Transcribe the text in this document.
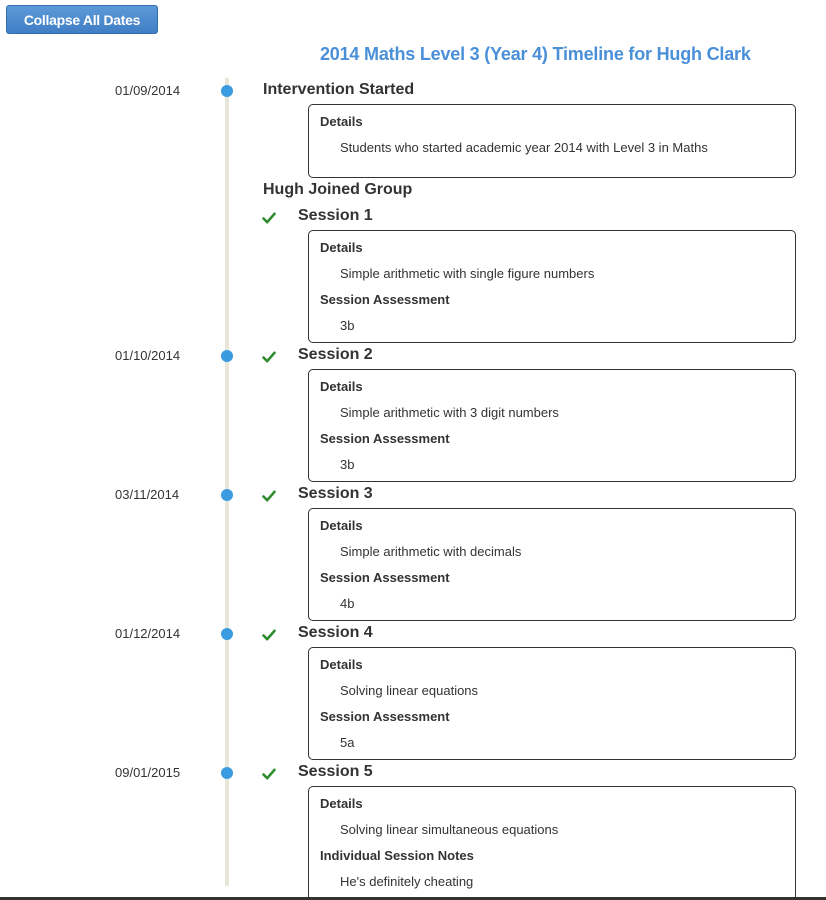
Collapse All Dates
2014 Maths Level 3 (Year 4) Timeline for Hugh Clark
01/09/2014	Intervention Started
Details
Students who started academic year 2014 with Level 3 in Maths
Hugh Joined Group
Session 1
Details
Simple arithmetic with single figure numbers
Session Assessment
3b
01/10/2014	Session 2
Details
Simple arithmetic with 3 digit numbers
Session Assessment
3b
03/11/2014	Session 3
Details
Simple arithmetic with decimals
Session Assessment
4b
01/12/2014	Session 4
Details
Solving linear equations
Session Assessment
5a
09/01/2015	Session 5
Details
Solving linear simultaneous equations
Individual Session Notes
He's definitely cheating
